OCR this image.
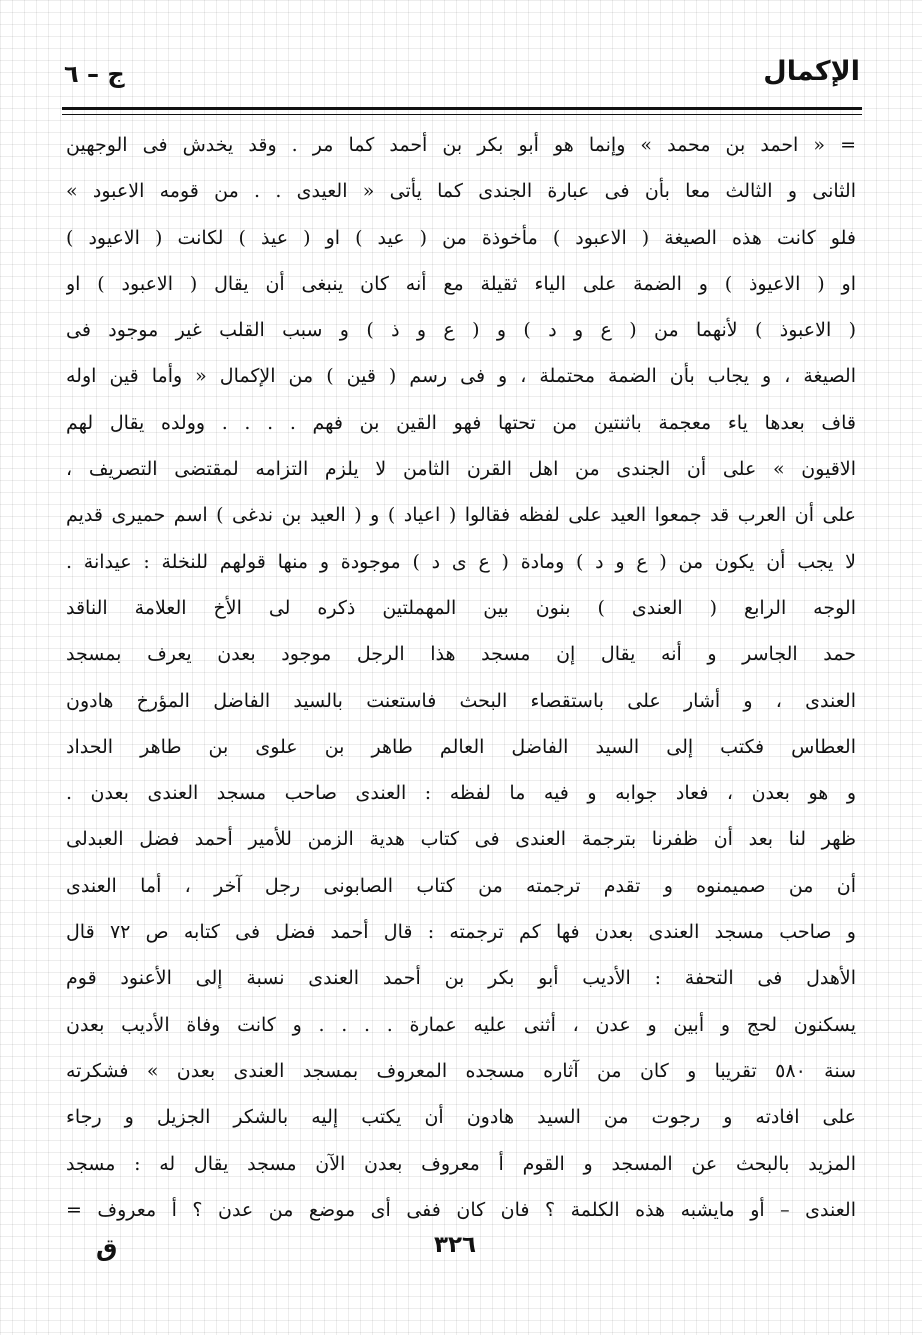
الإكمال
ج – ٦
= « احمد بن محمد » وإنما هو أبو بكر بن أحمد كما مر . وقد يخدش فى الوجهين
الثانى و الثالث معا بأن فى عبارة الجندى كما يأتى « العيدى . . من قومه الاعبود »
فلو كانت هذه الصيغة ( الاعبود ) مأخوذة من ( عيد ) او ( عيذ ) لكانت ( الاعيود )
او ( الاعيوذ ) و الضمة على الياء ثقيلة مع أنه كان ينبغى أن يقال ( الاعبود ) او
( الاعبوذ ) لأنهما من ( ع و د ) و ( ع و ذ ) و سبب القلب غير موجود فى
الصيغة ، و يجاب بأن الضمة محتملة ، و فى رسم ( قين ) من الإكمال « وأما قين اوله
قاف بعدها ياء معجمة باثنتين من تحتها فهو القين بن فهم . . . . وولده يقال لهم
الاقيون » على أن الجندى من اهل القرن الثامن لا يلزم التزامه لمقتضى التصريف ،
على أن العرب قد جمعوا العيد على لفظه فقالوا ( اعياد ) و ( العيد بن ندغى ) اسم حميرى قديم
لا يجب أن يكون من ( ع و د ) ومادة ( ع ى د ) موجودة و منها قولهم للنخلة : عيدانة .
الوجه الرابع ( العندى ) بنون بين المهملتين ذكره لى الأخ العلامة الناقد
حمد الجاسر و أنه يقال إن مسجد هذا الرجل موجود بعدن يعرف بمسجد
العندى ، و أشار على باستقصاء البحث فاستعنت بالسيد الفاضل المؤرخ هادون
العطاس فكتب إلى السيد الفاضل العالم طاهر بن علوى بن طاهر الحداد
و هو بعدن ، فعاد جوابه و فيه ما لفظه : العندى صاحب مسجد العندى بعدن .
ظهر لنا بعد أن ظفرنا بترجمة العندى فى كتاب هدية الزمن للأمير أحمد فضل العبدلى
أن من صميمنوه و تقدم ترجمته من كتاب الصابونى رجل آخر ، أما العندى
و صاحب مسجد العندى بعدن فها كم ترجمته : قال أحمد فضل فى كتابه ص ٧٢ قال
الأهدل فى التحفة : الأديب أبو بكر بن أحمد العندى نسبة إلى الأعنود قوم
يسكنون لحج و أبين و عدن ، أثنى عليه عمارة . . . . و كانت وفاة الأديب بعدن
سنة ٥٨٠ تقريبا و كان من آثاره مسجده المعروف بمسجد العندى بعدن » فشكرته
على افادته و رجوت من السيد هادون أن يكتب إليه بالشكر الجزيل و رجاء
المزيد بالبحث عن المسجد و القوم أ معروف بعدن الآن مسجد يقال له : مسجد
العندى – أو مايشبه هذه الكلمة ؟ فان كان ففى أى موضع من عدن ؟ أ معروف =
٣٢٦
ق
